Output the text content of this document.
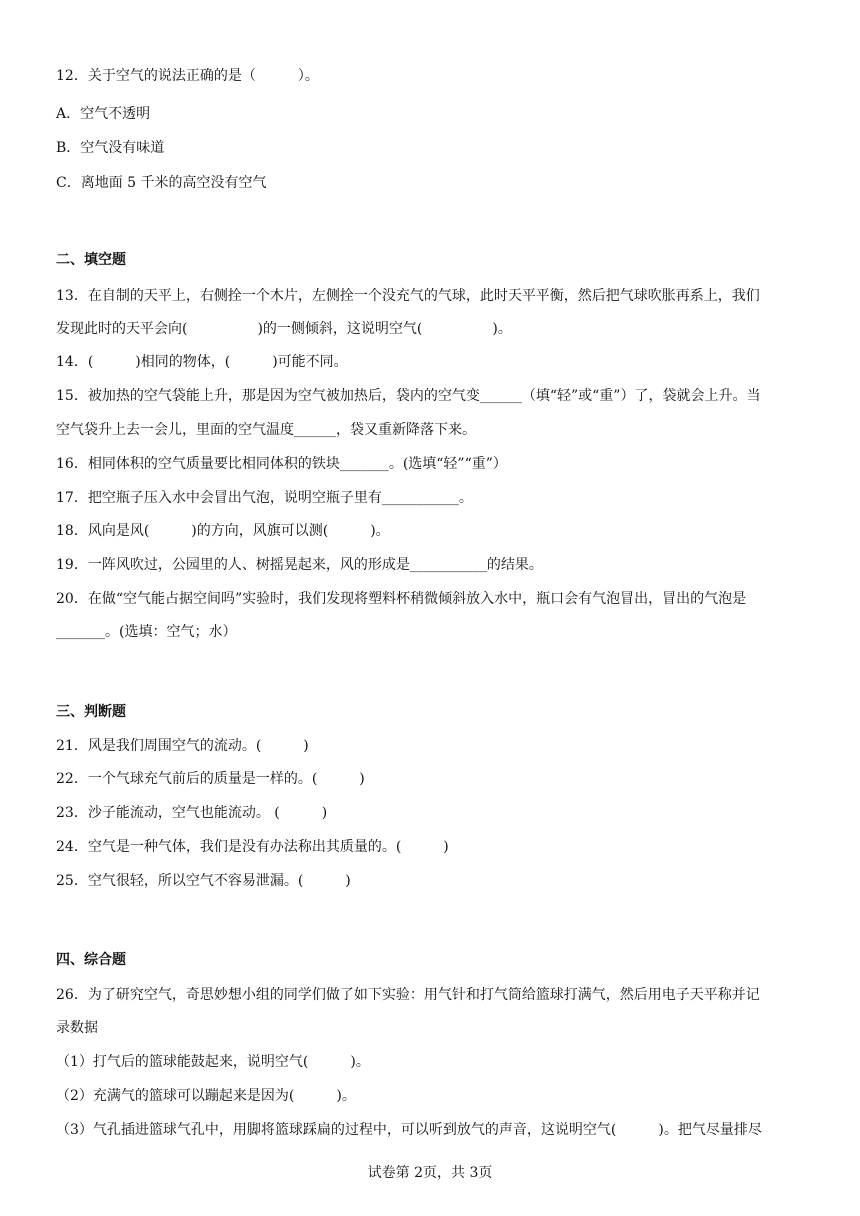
12．关于空气的说法正确的是（　　　）。
A．空气不透明
B．空气没有味道
C．离地面 5 千米的高空没有空气
二、填空题
13．在自制的天平上，右侧拴一个木片，左侧拴一个没充气的气球，此时天平平衡，然后把气球吹胀再系上，我们
发现此时的天平会向(　　　　　)的一侧倾斜，这说明空气(　　　　　)。
14．(　　　)相同的物体，(　　　)可能不同。
15．被加热的空气袋能上升，那是因为空气被加热后，袋内的空气变______（填“轻”或“重”）了，袋就会上升。当
空气袋升上去一会儿，里面的空气温度______，袋又重新降落下来。
16．相同体积的空气质量要比相同体积的铁块_______。(选填“轻”“重”）
17．把空瓶子压入水中会冒出气泡，说明空瓶子里有___________。
18．风向是风(　　　)的方向，风旗可以测(　　　)。
19．一阵风吹过，公园里的人、树摇晃起来，风的形成是___________的结果。
20．在做“空气能占据空间吗”实验时，我们发现将塑料杯稍微倾斜放入水中，瓶口会有气泡冒出，冒出的气泡是
_______。(选填：空气；水）
三、判断题
21．风是我们周围空气的流动。(　　　)
22．一个气球充气前后的质量是一样的。(　　　)
23．沙子能流动，空气也能流动。 (　　　)
24．空气是一种气体，我们是没有办法称出其质量的。(　　　)
25．空气很轻，所以空气不容易泄漏。(　　　)
四、综合题
26．为了研究空气，奇思妙想小组的同学们做了如下实验：用气针和打气筒给篮球打满气，然后用电子天平称并记
录数据
（1）打气后的篮球能鼓起来，说明空气(　　　)。
（2）充满气的篮球可以蹦起来是因为(　　　)。
（3）气孔插进篮球气孔中，用脚将篮球踩扁的过程中，可以听到放气的声音，这说明空气(　　　)。把气尽量排尽
试卷第 2页，共 3页
